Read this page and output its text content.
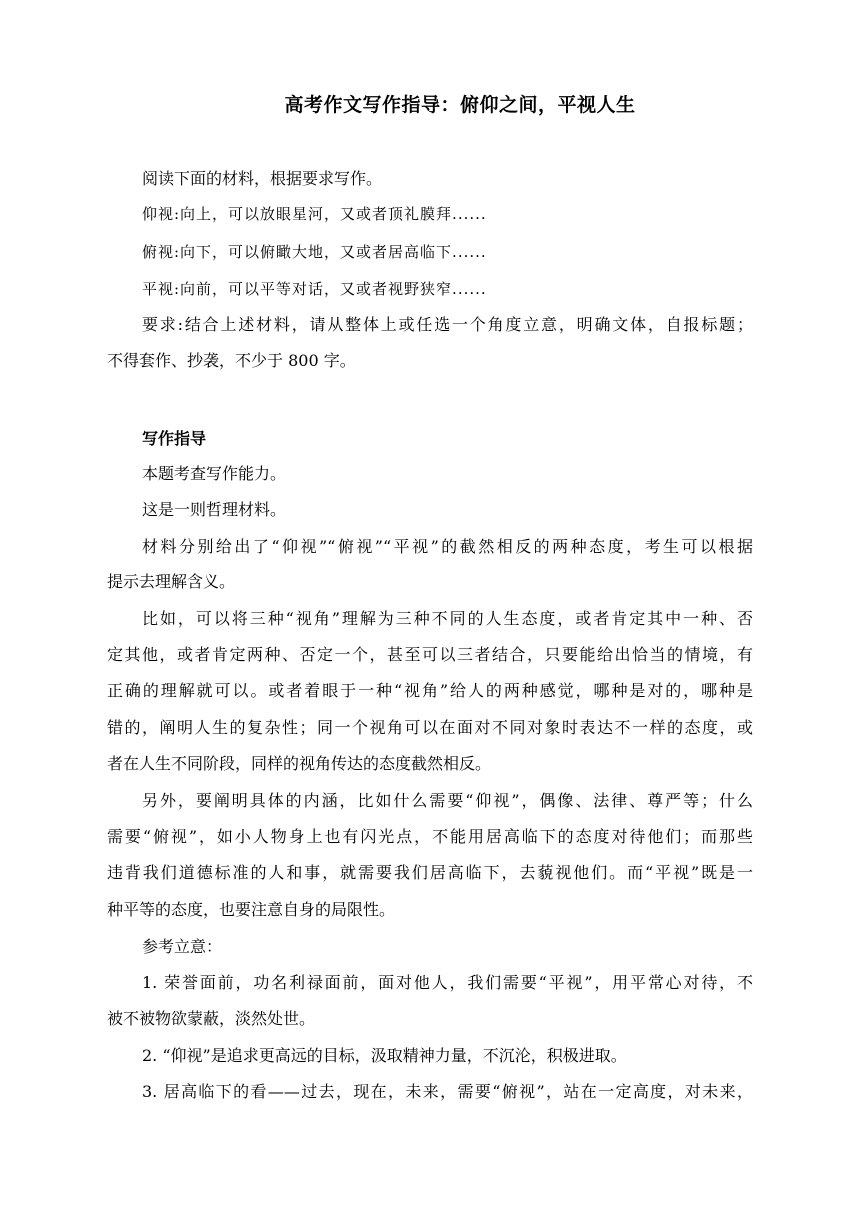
高考作文写作指导：俯仰之间，平视人生
阅读下面的材料，根据要求写作。
仰视:向上，可以放眼星河，又或者顶礼膜拜......
俯视:向下，可以俯瞰大地，又或者居高临下......
平视:向前，可以平等对话，又或者视野狭窄......
要求:结合上述材料，请从整体上或任选一个角度立意，明确文体，自报标题；
不得套作、抄袭，不少于 800 字。
写作指导
本题考查写作能力。
这是一则哲理材料。
材料分别给出了“仰视”“俯视”“平视”的截然相反的两种态度，考生可以根据
提示去理解含义。
比如，可以将三种“视角”理解为三种不同的人生态度，或者肯定其中一种、否
定其他，或者肯定两种、否定一个，甚至可以三者结合，只要能给出恰当的情境，有
正确的理解就可以。或者着眼于一种“视角”给人的两种感觉，哪种是对的，哪种是
错的，阐明人生的复杂性；同一个视角可以在面对不同对象时表达不一样的态度，或
者在人生不同阶段，同样的视角传达的态度截然相反。
另外，要阐明具体的内涵，比如什么需要“仰视”，偶像、法律、尊严等；什么
需要“俯视”，如小人物身上也有闪光点，不能用居高临下的态度对待他们；而那些
违背我们道德标准的人和事，就需要我们居高临下，去藐视他们。而“平视”既是一
种平等的态度，也要注意自身的局限性。
参考立意：
1. 荣誉面前，功名利禄面前，面对他人，我们需要“平视”，用平常心对待，不
被不被物欲蒙蔽，淡然处世。
2. “仰视”是追求更高远的目标，汲取精神力量，不沉沦，积极进取。
3. 居高临下的看——过去，现在，未来，需要“俯视”，站在一定高度，对未来，
